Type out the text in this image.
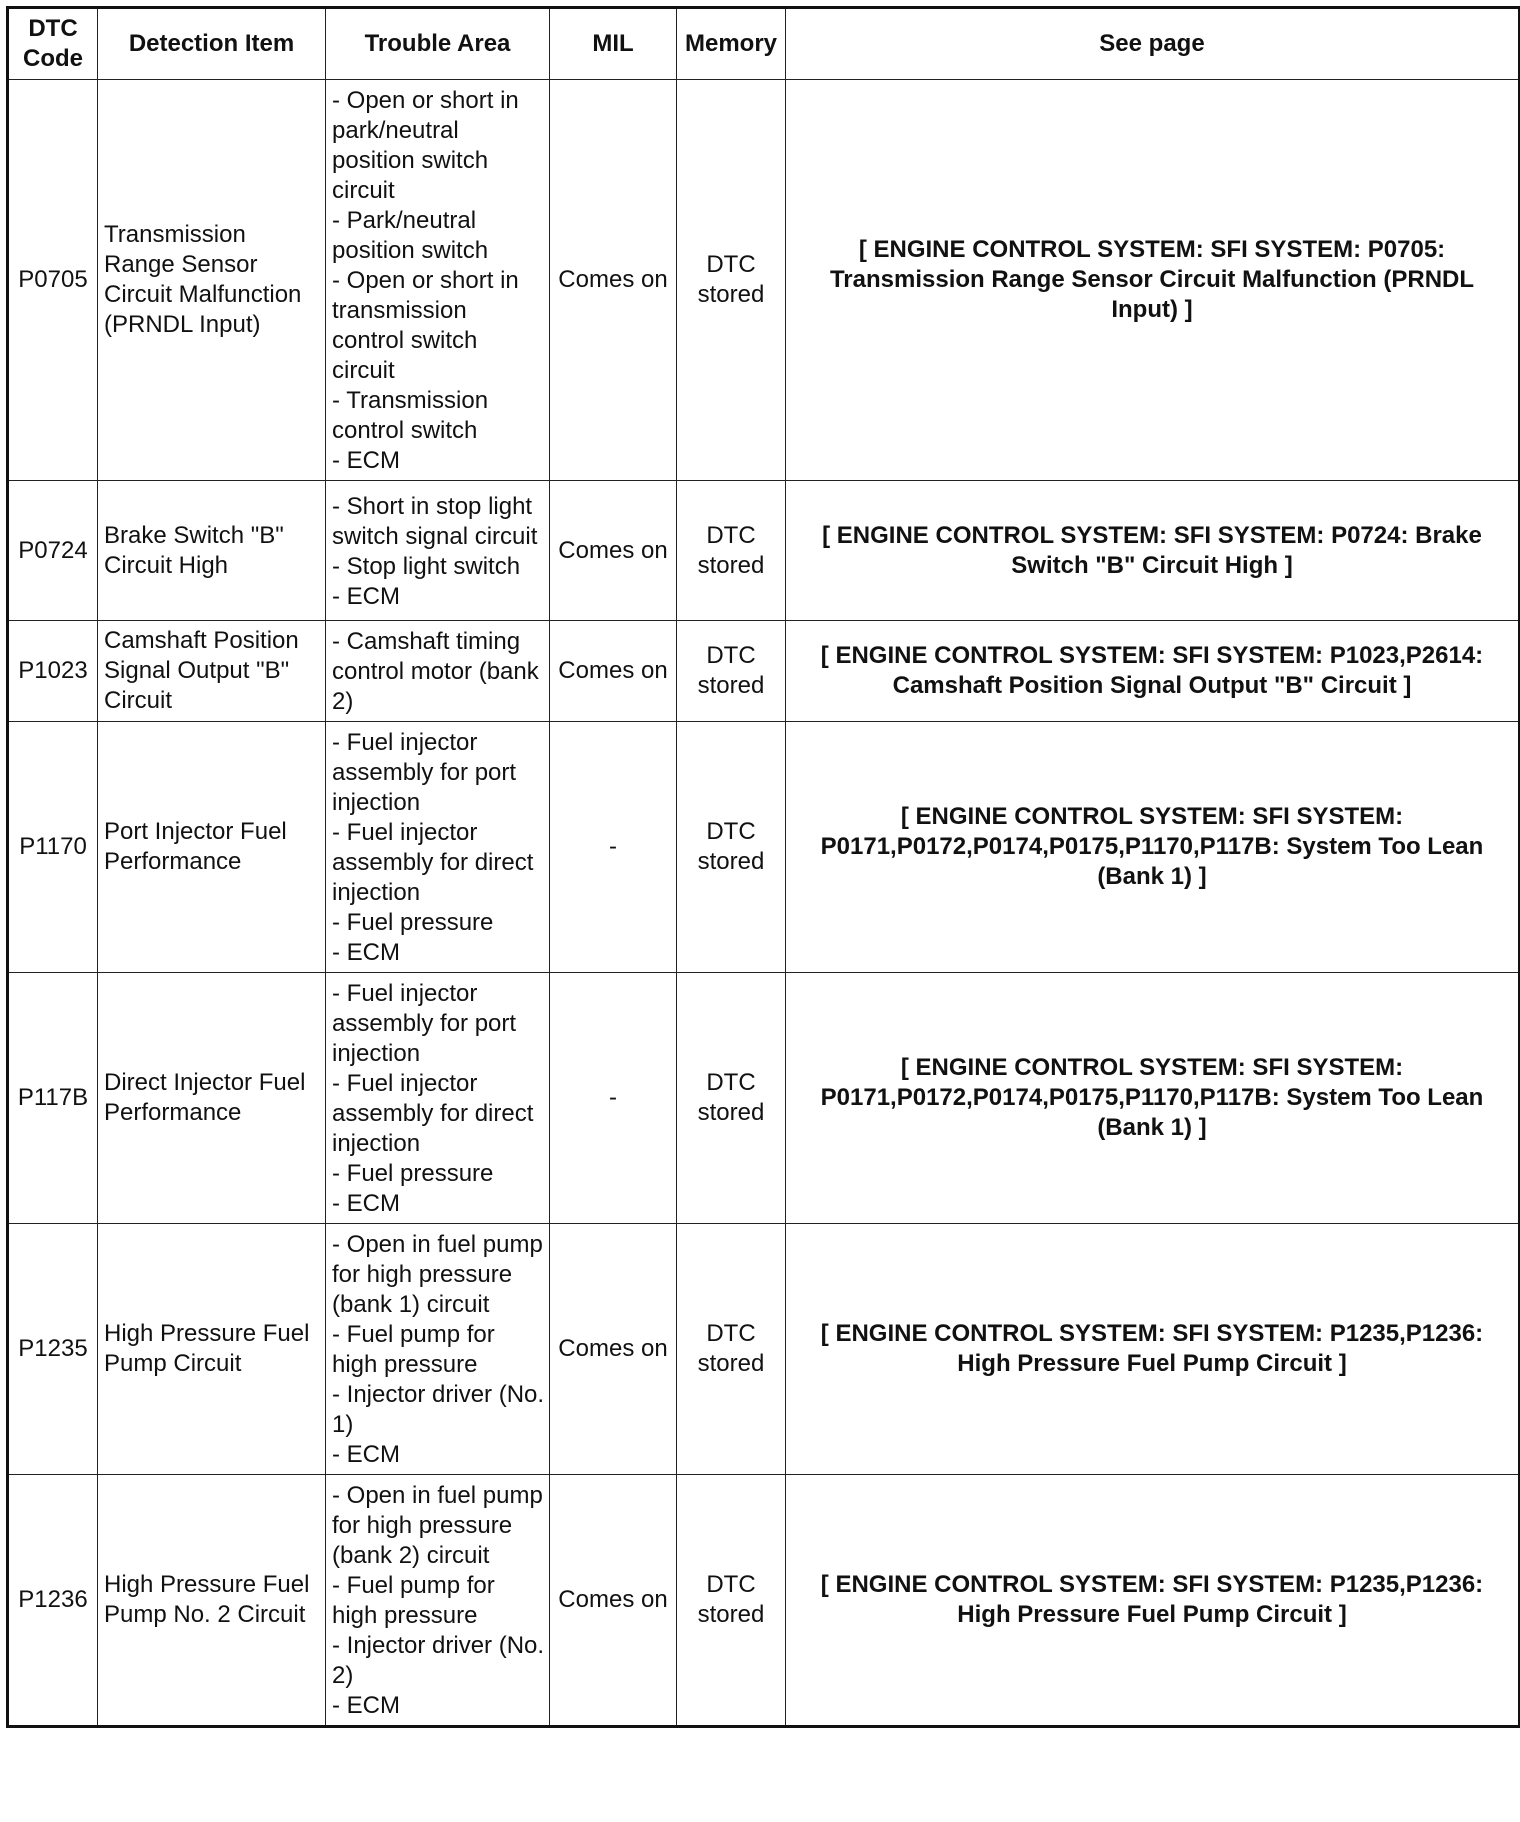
DTC Code	Detection Item	Trouble Area	MIL	Memory	See page
P0705	Transmission Range Sensor Circuit Malfunction (PRNDL Input)	- Open or short in park/neutral position switch circuit
- Park/neutral position switch
- Open or short in transmission control switch circuit
- Transmission control switch
- ECM	Comes on	DTC stored	[ ENGINE CONTROL SYSTEM: SFI SYSTEM: P0705: Transmission Range Sensor Circuit Malfunction (PRNDL Input) ]
P0724	Brake Switch "B" Circuit High	- Short in stop light switch signal circuit
- Stop light switch
- ECM	Comes on	DTC stored	[ ENGINE CONTROL SYSTEM: SFI SYSTEM: P0724: Brake Switch "B" Circuit High ]
P1023	Camshaft Position Signal Output "B" Circuit	- Camshaft timing control motor (bank 2)	Comes on	DTC stored	[ ENGINE CONTROL SYSTEM: SFI SYSTEM: P1023,P2614: Camshaft Position Signal Output "B" Circuit ]
P1170	Port Injector Fuel Performance	- Fuel injector assembly for port injection
- Fuel injector assembly for direct injection
- Fuel pressure
- ECM	-	DTC stored	[ ENGINE CONTROL SYSTEM: SFI SYSTEM: P0171,P0172,P0174,P0175,P1170,P117B: System Too Lean (Bank 1) ]
P117B	Direct Injector Fuel Performance	- Fuel injector assembly for port injection
- Fuel injector assembly for direct injection
- Fuel pressure
- ECM	-	DTC stored	[ ENGINE CONTROL SYSTEM: SFI SYSTEM: P0171,P0172,P0174,P0175,P1170,P117B: System Too Lean (Bank 1) ]
P1235	High Pressure Fuel Pump Circuit	- Open in fuel pump for high pressure (bank 1) circuit
- Fuel pump for high pressure
- Injector driver (No. 1)
- ECM	Comes on	DTC stored	[ ENGINE CONTROL SYSTEM: SFI SYSTEM: P1235,P1236: High Pressure Fuel Pump Circuit ]
P1236	High Pressure Fuel Pump No. 2 Circuit	- Open in fuel pump for high pressure (bank 2) circuit
- Fuel pump for high pressure
- Injector driver (No. 2)
- ECM	Comes on	DTC stored	[ ENGINE CONTROL SYSTEM: SFI SYSTEM: P1235,P1236: High Pressure Fuel Pump Circuit ]
